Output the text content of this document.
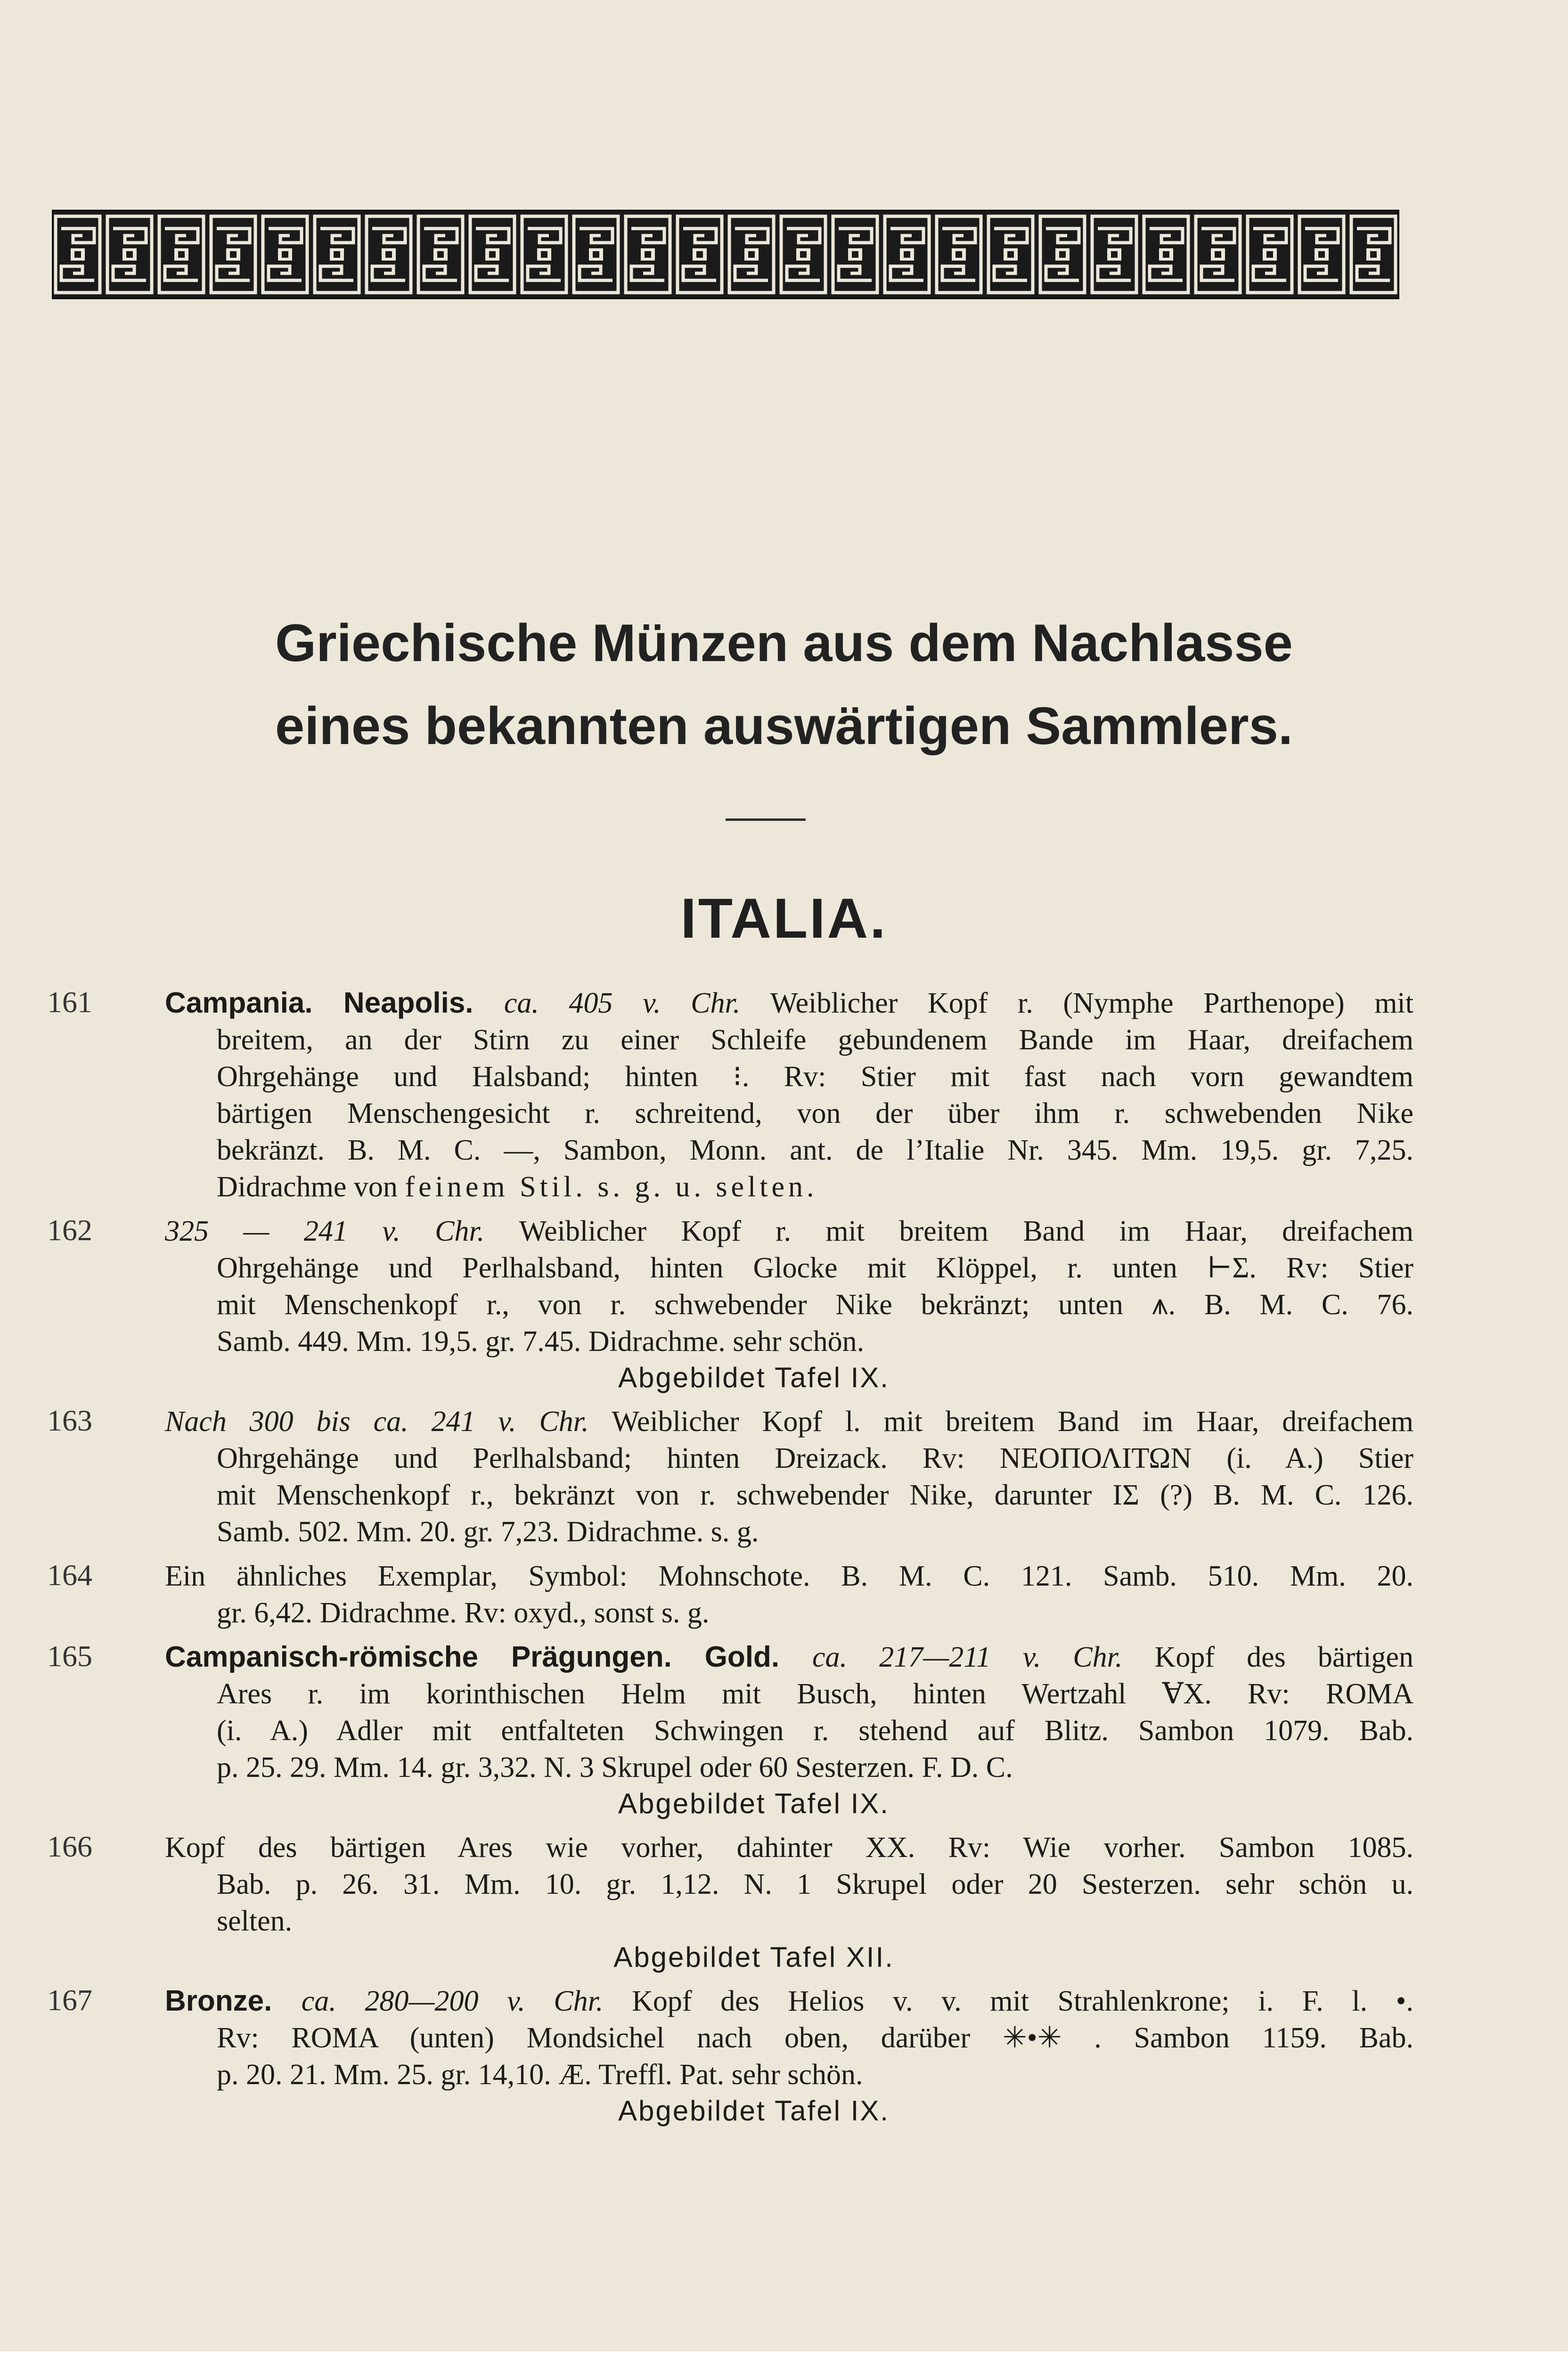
Griechische Münzen aus dem Nachlasse
eines bekannten auswärtigen Sammlers.
ITALIA.
161 Campania. Neapolis. ca. 405 v. Chr. Weiblicher Kopf r. (Nymphe Parthenope) mit
breitem, an der Stirn zu einer Schleife gebundenem Bande im Haar, dreifachem
Ohrgehänge und Halsband; hinten ⁝. Rv: Stier mit fast nach vorn gewandtem
bärtigen Menschengesicht r. schreitend, von der über ihm r. schwebenden Nike
bekränzt. B. M. C. —, Sambon, Monn. ant. de l’Italie Nr. 345. Mm. 19,5. gr. 7,25.
Didrachme von feinem Stil. s. g. u. selten.
162 325 — 241 v. Chr. Weiblicher Kopf r. mit breitem Band im Haar, dreifachem
Ohrgehänge und Perlhalsband, hinten Glocke mit Klöppel, r. unten ⊢Σ. Rv: Stier
mit Menschenkopf r., von r. schwebender Nike bekränzt; unten ⩚. B. M. C. 76.
Samb. 449. Mm. 19,5. gr. 7.45. Didrachme. sehr schön.
Abgebildet Tafel IX.
163 Nach 300 bis ca. 241 v. Chr. Weiblicher Kopf l. mit breitem Band im Haar, dreifachem
Ohrgehänge und Perlhalsband; hinten Dreizack. Rv: ΝΕΟΠΟΛΙΤΩΝ (i. A.) Stier
mit Menschenkopf r., bekränzt von r. schwebender Nike, darunter ΙΣ (?) B. M. C. 126.
Samb. 502. Mm. 20. gr. 7,23. Didrachme. s. g.
164 Ein ähnliches Exemplar, Symbol: Mohnschote. B. M. C. 121. Samb. 510. Mm. 20.
gr. 6,42. Didrachme. Rv: oxyd., sonst s. g.
165 Campanisch-römische Prägungen. Gold. ca. 217—211 v. Chr. Kopf des bärtigen
Ares r. im korinthischen Helm mit Busch, hinten Wertzahl ⱯX. Rv: ROMA
(i. A.) Adler mit entfalteten Schwingen r. stehend auf Blitz. Sambon 1079. Bab.
p. 25. 29. Mm. 14. gr. 3,32. N. 3 Skrupel oder 60 Sesterzen. F. D. C.
Abgebildet Tafel IX.
166 Kopf des bärtigen Ares wie vorher, dahinter XX. Rv: Wie vorher. Sambon 1085.
Bab. p. 26. 31. Mm. 10. gr. 1,12. N. 1 Skrupel oder 20 Sesterzen. sehr schön u.
selten.
Abgebildet Tafel XII.
167 Bronze. ca. 280—200 v. Chr. Kopf des Helios v. v. mit Strahlenkrone; i. F. l. •.
Rv: ROMA (unten) Mondsichel nach oben, darüber ✳•✳ . Sambon 1159. Bab.
p. 20. 21. Mm. 25. gr. 14,10. Æ. Treffl. Pat. sehr schön.
Abgebildet Tafel IX.
